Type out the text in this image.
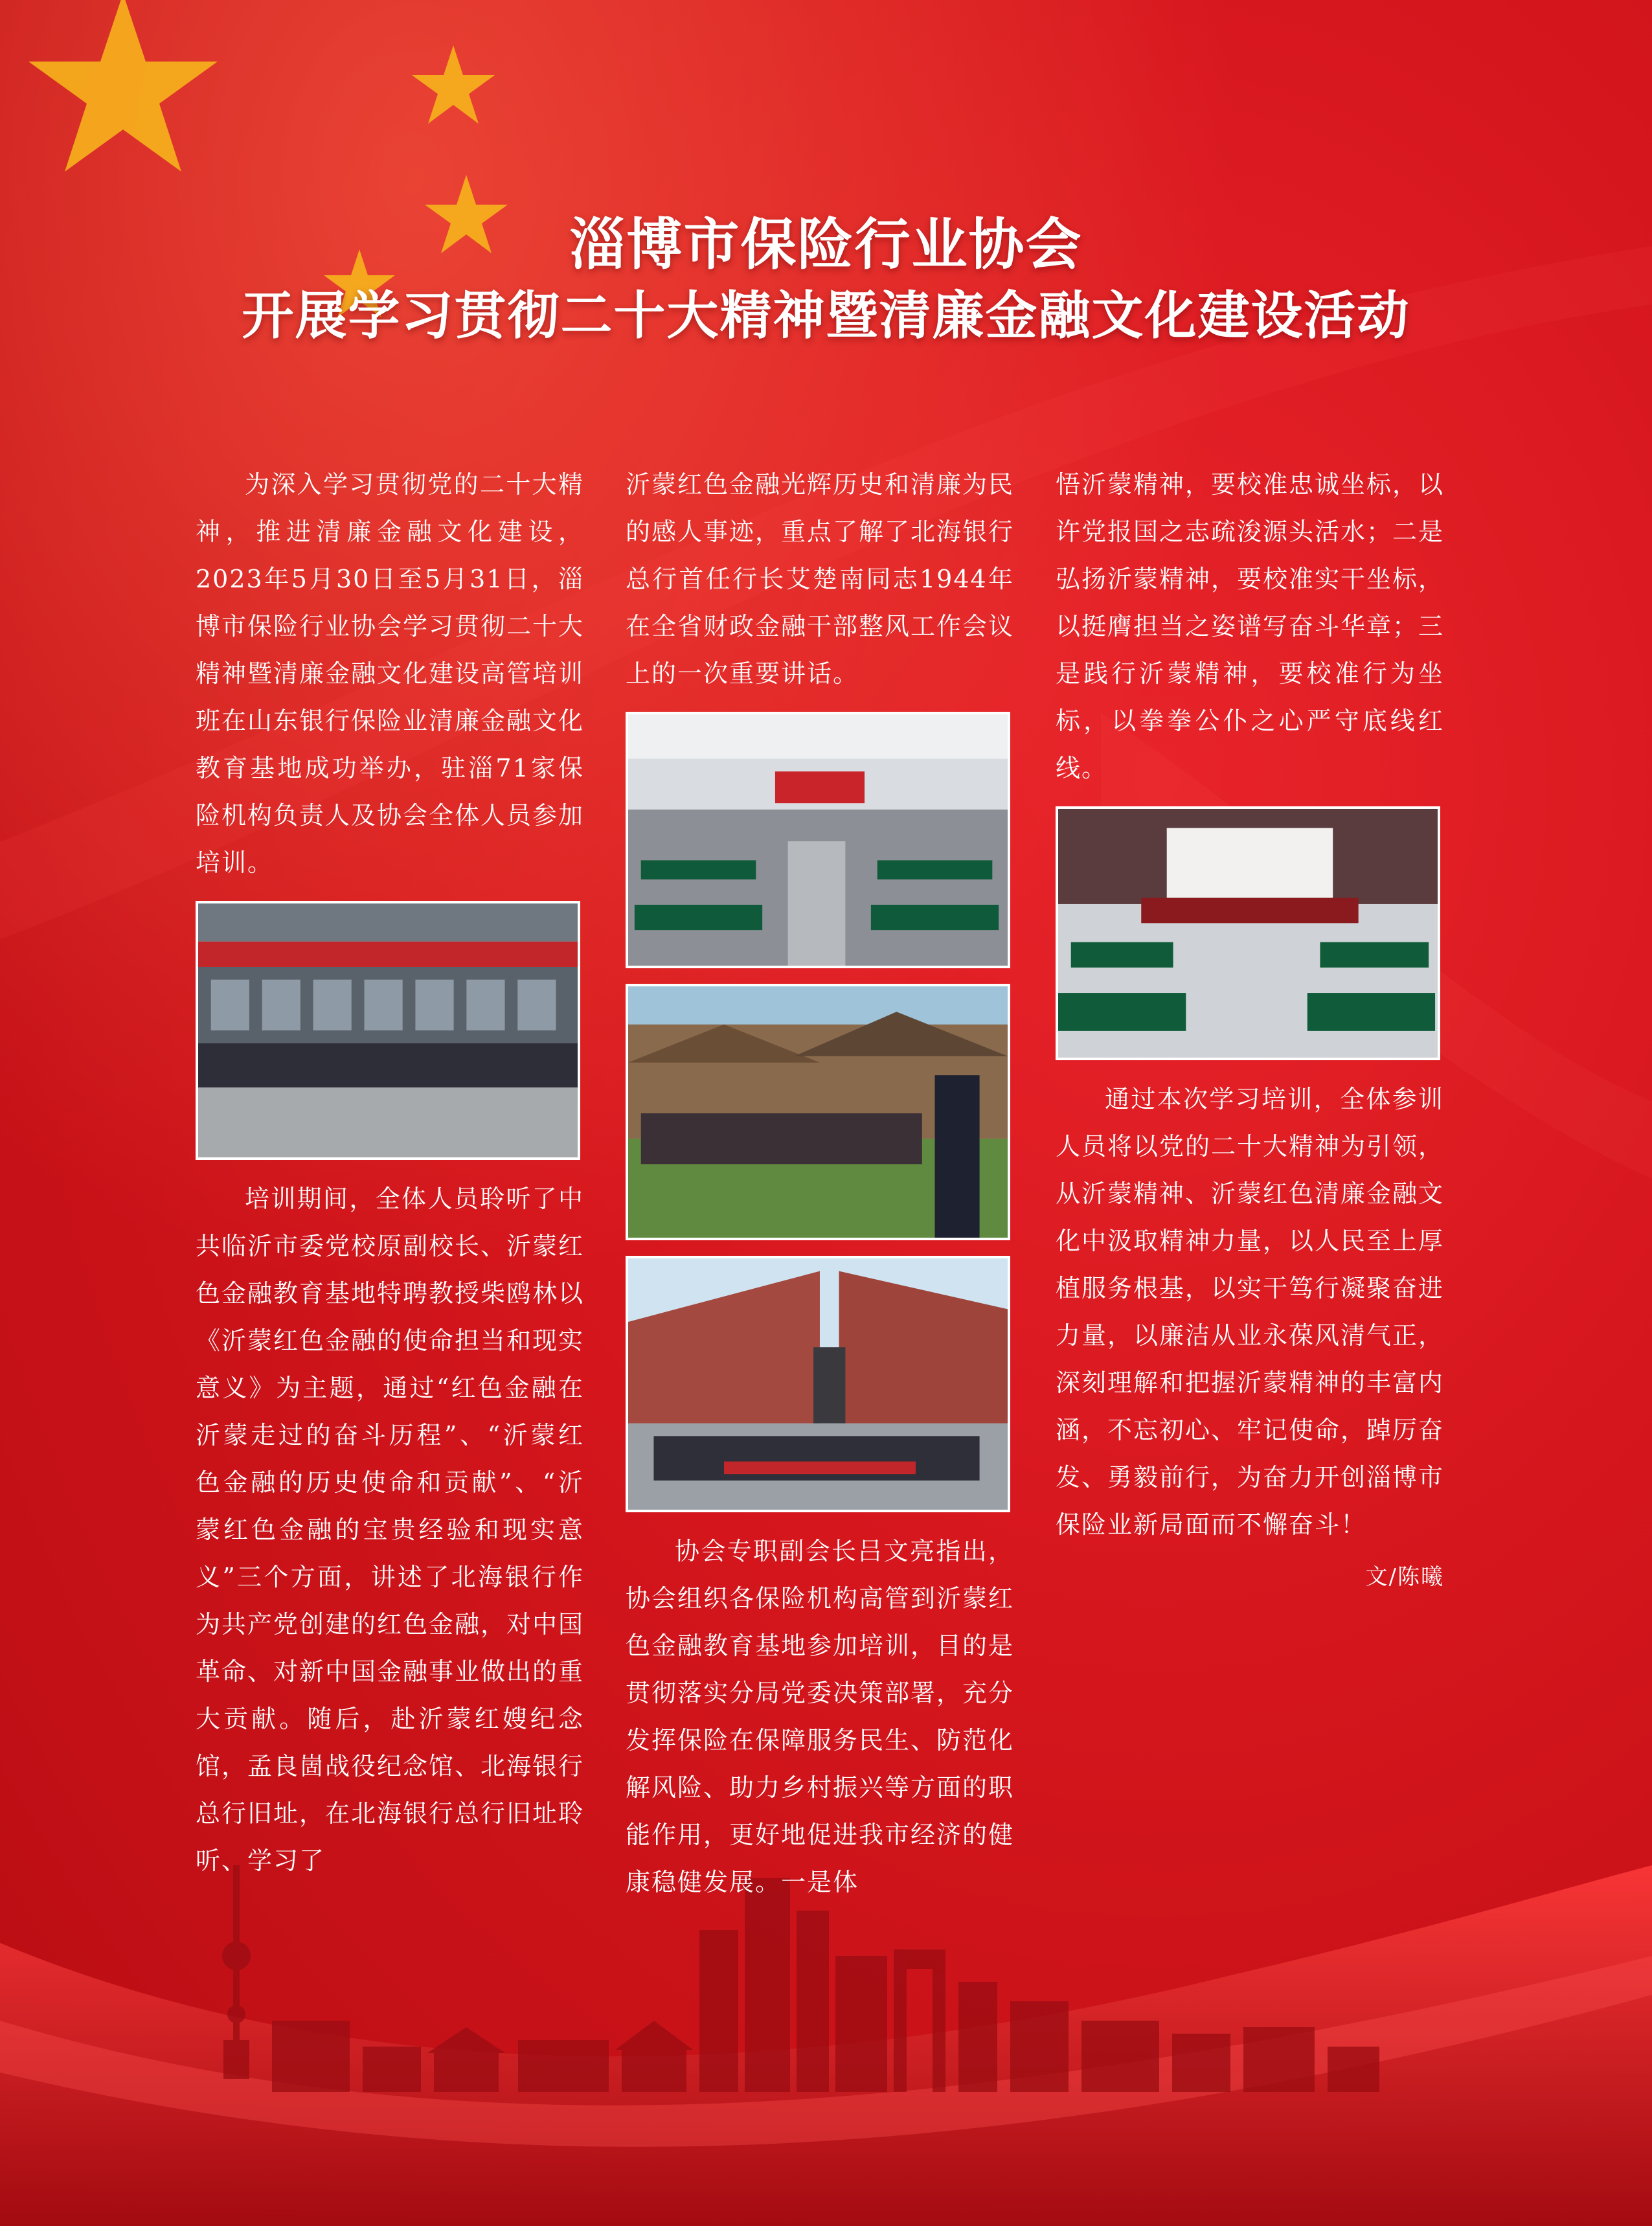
淄博市保险行业协会
开展学习贯彻二十大精神暨清廉金融文化建设活动

为深入学习贯彻党的二十大精神，推进清廉金融文化建设，2023年5月30日至5月31日，淄博市保险行业协会学习贯彻二十大精神暨清廉金融文化建设高管培训班在山东银行保险业清廉金融文化教育基地成功举办，驻淄71家保险机构负责人及协会全体人员参加培训。

培训期间，全体人员聆听了中共临沂市委党校原副校长、沂蒙红色金融教育基地特聘教授柴鸥林以《沂蒙红色金融的使命担当和现实意义》为主题，通过“红色金融在沂蒙走过的奋斗历程”、“沂蒙红色金融的历史使命和贡献”、“沂蒙红色金融的宝贵经验和现实意义”三个方面，讲述了北海银行作为共产党创建的红色金融，对中国革命、对新中国金融事业做出的重大贡献。随后，赴沂蒙红嫂纪念馆，孟良崮战役纪念馆、北海银行总行旧址，在北海银行总行旧址聆听、学习了

沂蒙红色金融光辉历史和清廉为民的感人事迹，重点了解了北海银行总行首任行长艾楚南同志1944年在全省财政金融干部整风工作会议上的一次重要讲话。

协会专职副会长吕文亮指出，协会组织各保险机构高管到沂蒙红色金融教育基地参加培训，目的是贯彻落实分局党委决策部署，充分发挥保险在保障服务民生、防范化解风险、助力乡村振兴等方面的职能作用，更好地促进我市经济的健康稳健发展。一是体

悟沂蒙精神，要校准忠诚坐标，以许党报国之志疏浚源头活水；二是弘扬沂蒙精神，要校准实干坐标，以挺膺担当之姿谱写奋斗华章；三是践行沂蒙精神，要校准行为坐标，以拳拳公仆之心严守底线红线。

通过本次学习培训，全体参训人员将以党的二十大精神为引领，从沂蒙精神、沂蒙红色清廉金融文化中汲取精神力量，以人民至上厚植服务根基，以实干笃行凝聚奋进力量，以廉洁从业永葆风清气正，深刻理解和把握沂蒙精神的丰富内涵，不忘初心、牢记使命，踔厉奋发、勇毅前行，为奋力开创淄博市保险业新局面而不懈奋斗！

文/陈曦
